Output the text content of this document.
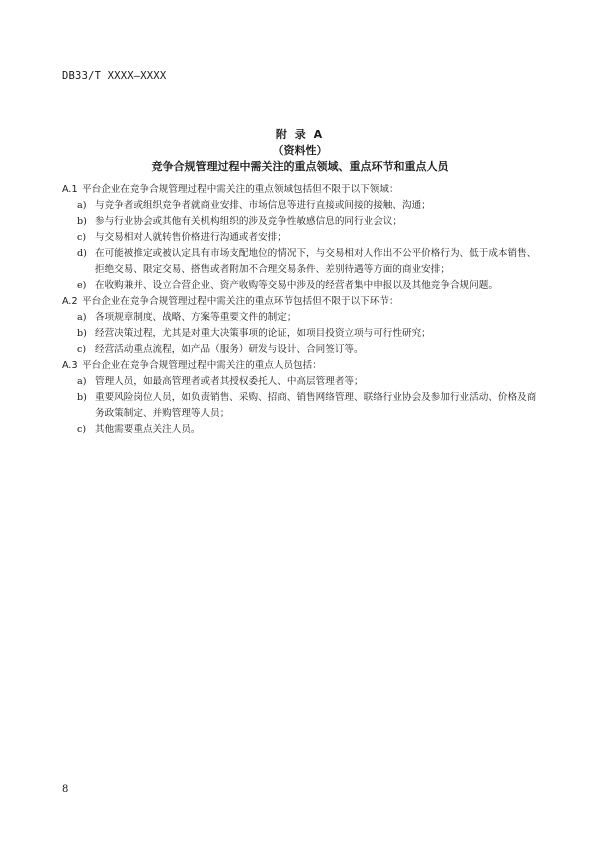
DB33/T XXXX—XXXX
附 录 A
（资料性）
竞争合规管理过程中需关注的重点领域、重点环节和重点人员
A.1 平台企业在竞争合规管理过程中需关注的重点领域包括但不限于以下领域：
a) 与竞争者或组织竞争者就商业安排、市场信息等进行直接或间接的接触、沟通；
b) 参与行业协会或其他有关机构组织的涉及竞争性敏感信息的同行业会议；
c) 与交易相对人就转售价格进行沟通或者安排；
d) 在可能被推定或被认定具有市场支配地位的情况下，与交易相对人作出不公平价格行为、低于成本销售、拒绝交易、限定交易、搭售或者附加不合理交易条件、差别待遇等方面的商业安排；
e) 在收购兼并、设立合营企业、资产收购等交易中涉及的经营者集中申报以及其他竞争合规问题。
A.2 平台企业在竞争合规管理过程中需关注的重点环节包括但不限于以下环节：
a) 各项规章制度、战略、方案等重要文件的制定；
b) 经营决策过程，尤其是对重大决策事项的论证，如项目投资立项与可行性研究；
c) 经营活动重点流程，如产品（服务）研发与设计、合同签订等。
A.3 平台企业在竞争合规管理过程中需关注的重点人员包括：
a) 管理人员，如最高管理者或者其授权委托人、中高层管理者等；
b) 重要风险岗位人员，如负责销售、采购、招商、销售网络管理、联络行业协会及参加行业活动、价格及商务政策制定、并购管理等人员；
c) 其他需要重点关注人员。
8
